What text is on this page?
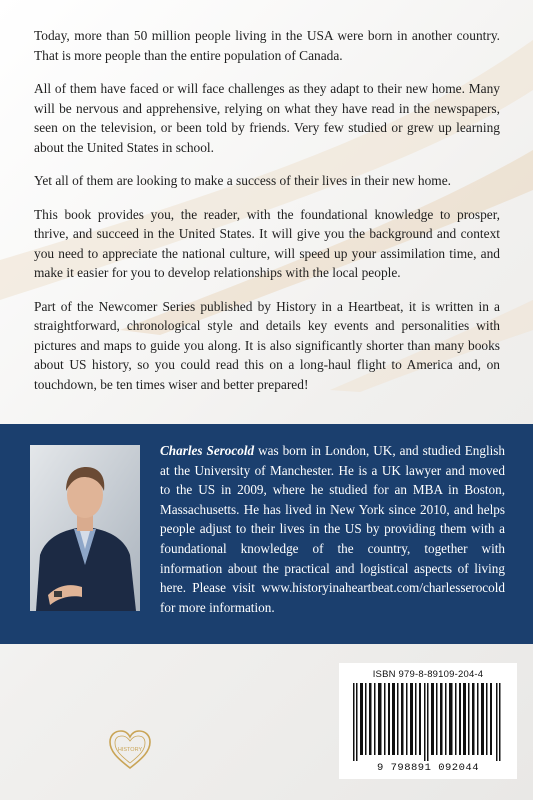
Today, more than 50 million people living in the USA were born in another country. That is more people than the entire population of Canada.

All of them have faced or will face challenges as they adapt to their new home. Many will be nervous and apprehensive, relying on what they have read in the newspapers, seen on the television, or been told by friends. Very few studied or grew up learning about the United States in school.

Yet all of them are looking to make a success of their lives in their new home.

This book provides you, the reader, with the foundational knowledge to prosper, thrive, and succeed in the United States. It will give you the background and context you need to appreciate the national culture, will speed up your assimilation time, and make it easier for you to develop relationships with the local people.

Part of the Newcomer Series published by History in a Heartbeat, it is written in a straightforward, chronological style and details key events and personalities with pictures and maps to guide you along. It is also significantly shorter than many books about US history, so you could read this on a long-haul flight to America and, on touchdown, be ten times wiser and better prepared!

Charles Serocold was born in London, UK, and studied English at the University of Manchester. He is a UK lawyer and moved to the US in 2009, where he studied for an MBA in Boston, Massachusetts. He has lived in New York since 2010, and helps people adjust to their lives in the US by providing them with a foundational knowledge of the country, together with information about the practical and logistical aspects of living here. Please visit www.historyinaheartbeat.com/charlesserocold for more information.
ISBN 979-8-89109-204-4
9 798891 092044
HISTORY
